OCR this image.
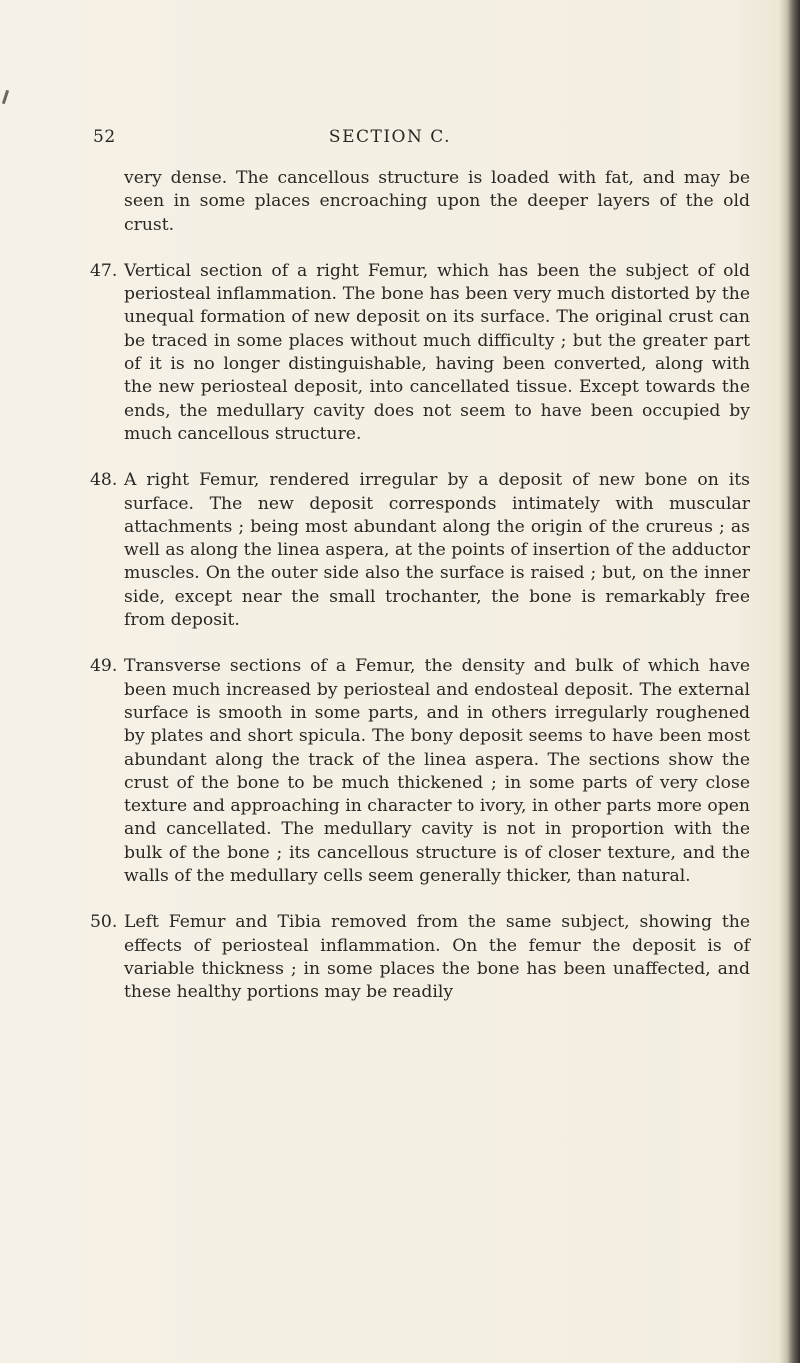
52	SECTION C.
very dense. The cancellous structure is loaded with fat, and may be seen in some places encroaching upon the deeper layers of the old crust.
47. Vertical section of a right Femur, which has been the subject of old periosteal inflammation. The bone has been very much distorted by the unequal formation of new deposit on its surface. The original crust can be traced in some places without much difficulty ; but the greater part of it is no longer distinguishable, having been converted, along with the new periosteal deposit, into cancellated tissue. Except towards the ends, the medullary cavity does not seem to have been occupied by much cancellous structure.
48. A right Femur, rendered irregular by a deposit of new bone on its surface. The new deposit corresponds intimately with muscular attachments ; being most abundant along the origin of the crureus ; as well as along the linea aspera, at the points of insertion of the adductor muscles. On the outer side also the surface is raised ; but, on the inner side, except near the small trochanter, the bone is remarkably free from deposit.
49. Transverse sections of a Femur, the density and bulk of which have been much increased by periosteal and endosteal deposit. The external surface is smooth in some parts, and in others irregularly roughened by plates and short spicula. The bony deposit seems to have been most abundant along the track of the linea aspera. The sections show the crust of the bone to be much thickened ; in some parts of very close texture and approaching in character to ivory, in other parts more open and cancellated. The medullary cavity is not in proportion with the bulk of the bone ; its cancellous structure is of closer texture, and the walls of the medullary cells seem generally thicker, than natural.
50. Left Femur and Tibia removed from the same subject, showing the effects of periosteal inflammation. On the femur the deposit is of variable thickness ; in some places the bone has been unaffected, and these healthy portions may be readily
